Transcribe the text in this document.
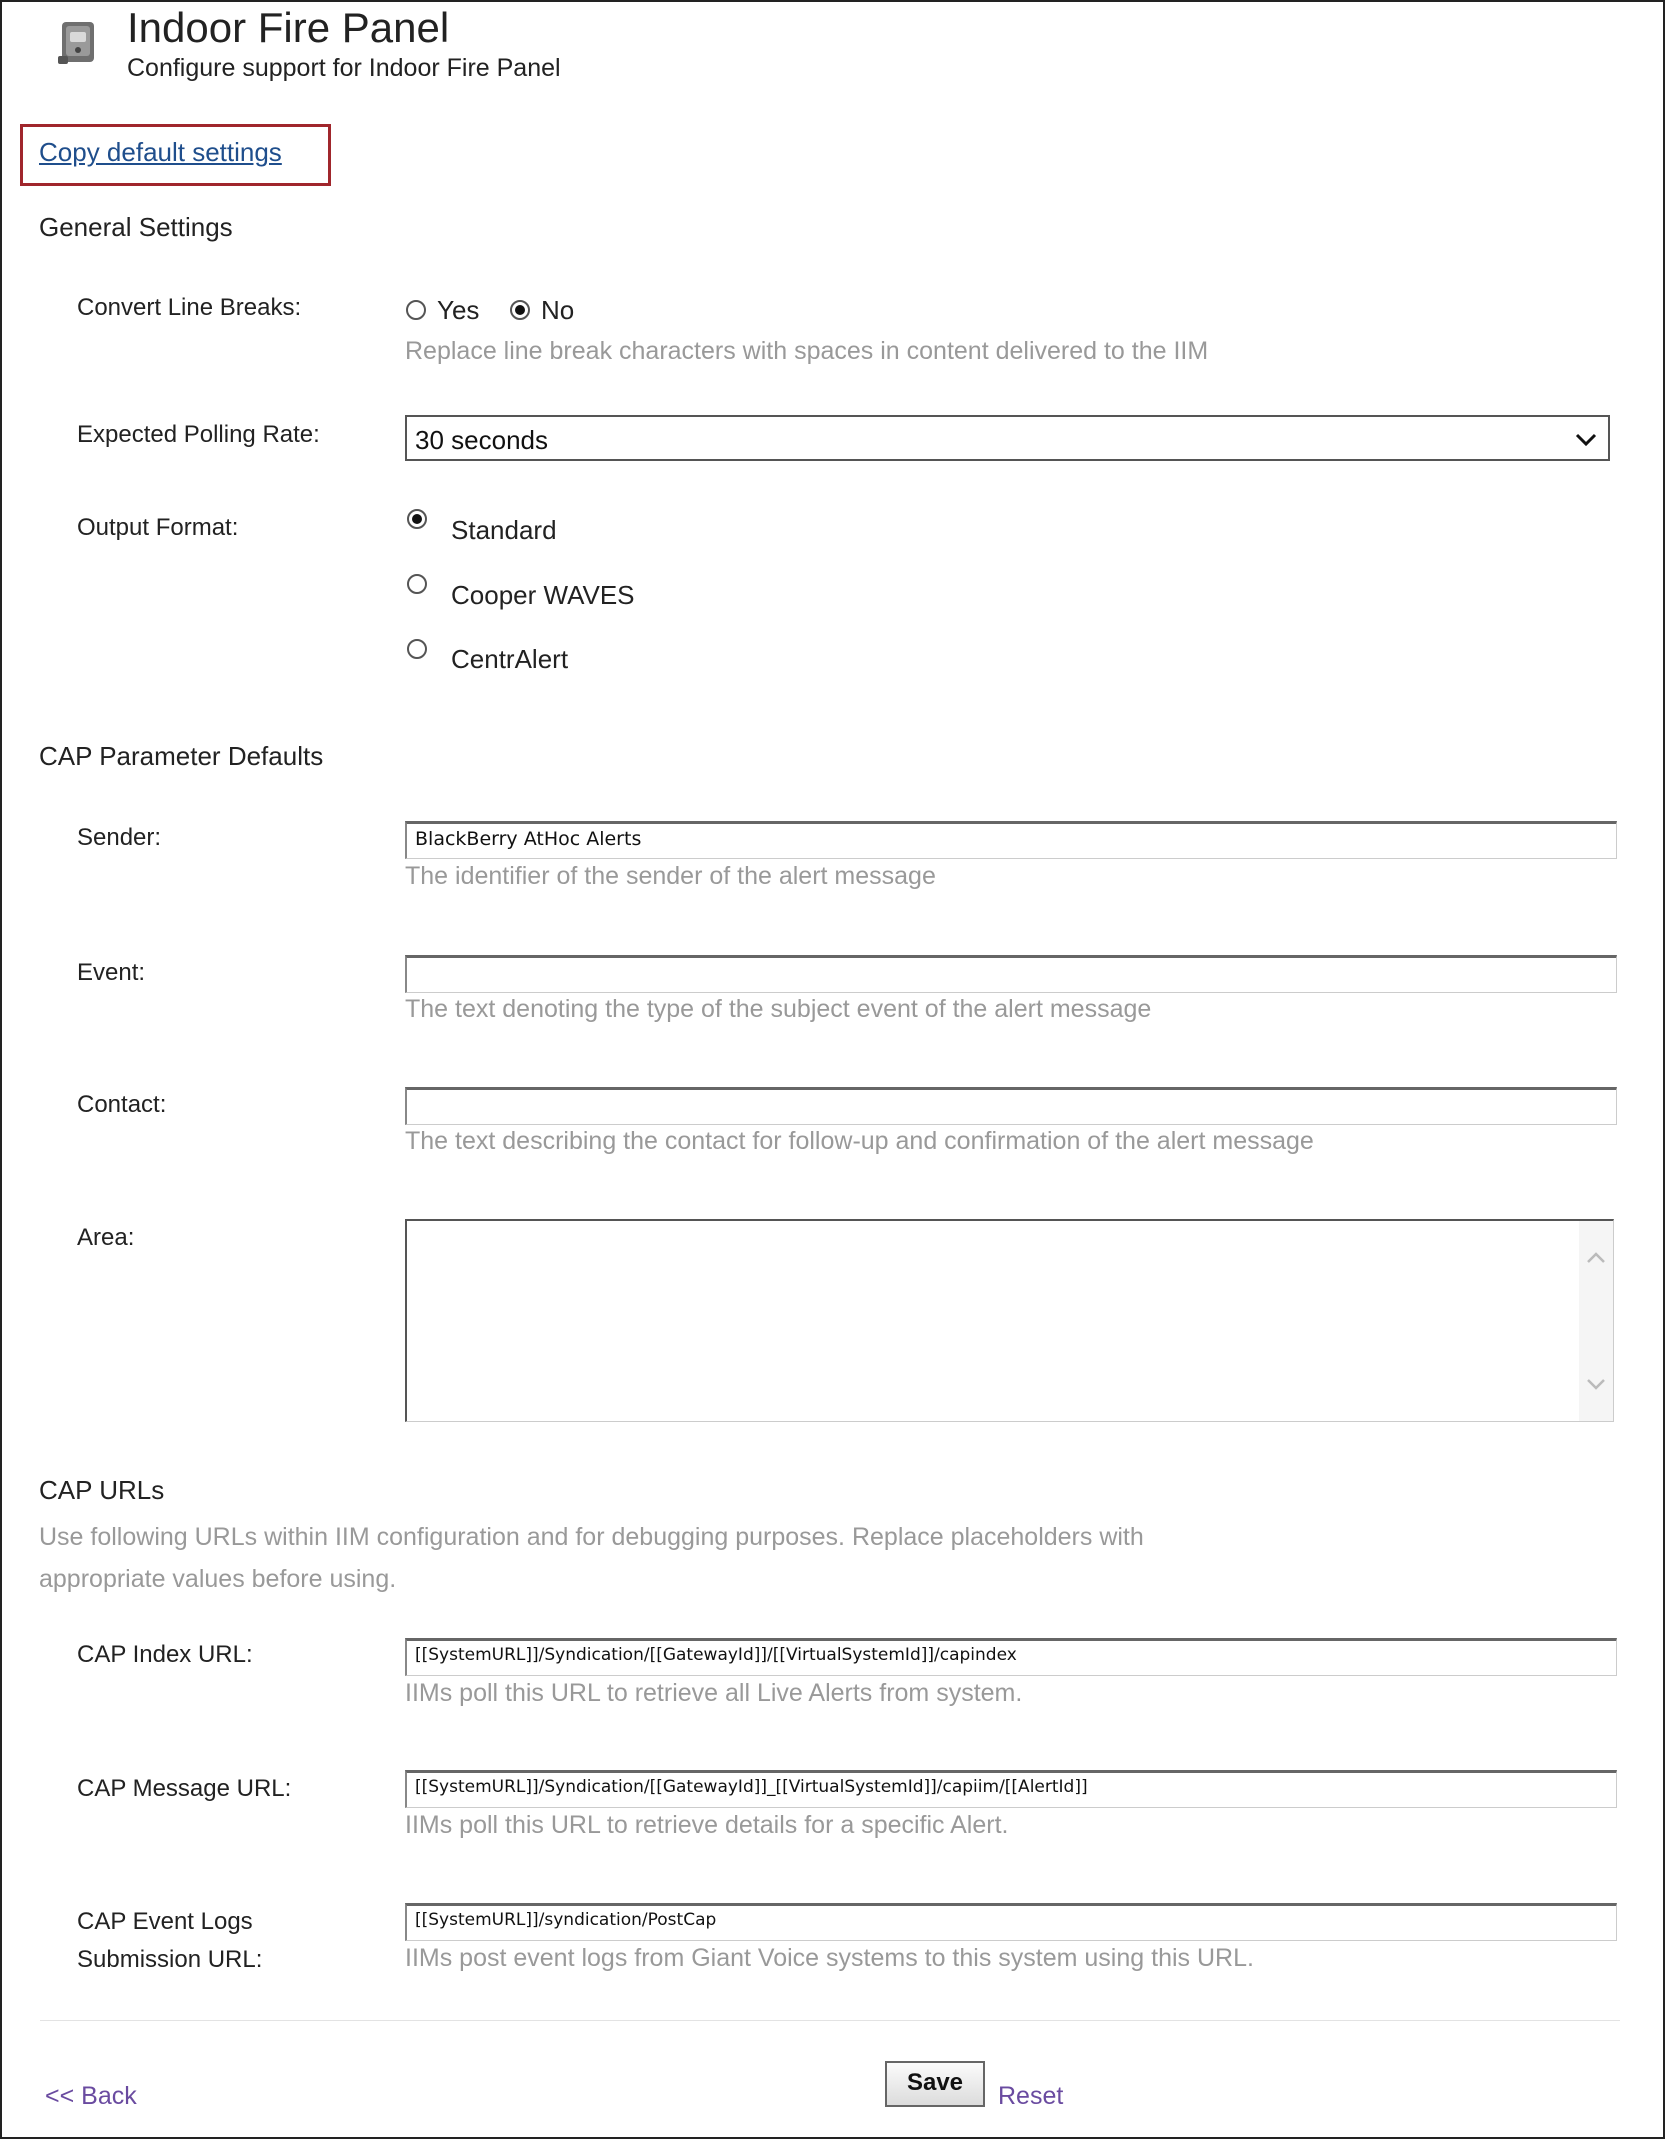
Indoor Fire Panel
Configure support for Indoor Fire Panel
Copy default settings
General Settings
Convert Line Breaks:	Yes No
Replace line break characters with spaces in content delivered to the IIM
Expected Polling Rate:	30 seconds
Output Format:	Standard
Cooper WAVES
CentrAlert
CAP Parameter Defaults
Sender:	BlackBerry AtHoc Alerts
The identifier of the sender of the alert message
Event:
The text denoting the type of the subject event of the alert message
Contact:
The text describing the contact for follow-up and confirmation of the alert message
Area:
CAP URLs
Use following URLs within IIM configuration and for debugging purposes. Replace placeholders with
appropriate values before using.
CAP Index URL:	[[SystemURL]]/Syndication/[[GatewayId]]/[[VirtualSystemId]]/capindex
IIMs poll this URL to retrieve all Live Alerts from system.
CAP Message URL:	[[SystemURL]]/Syndication/[[GatewayId]]_[[VirtualSystemId]]/capiim/[[AlertId]]
IIMs poll this URL to retrieve details for a specific Alert.
CAP Event Logs
Submission URL:
[[SystemURL]]/syndication/PostCap
IIMs post event logs from Giant Voice systems to this system using this URL.
<< Back	Save	Reset
